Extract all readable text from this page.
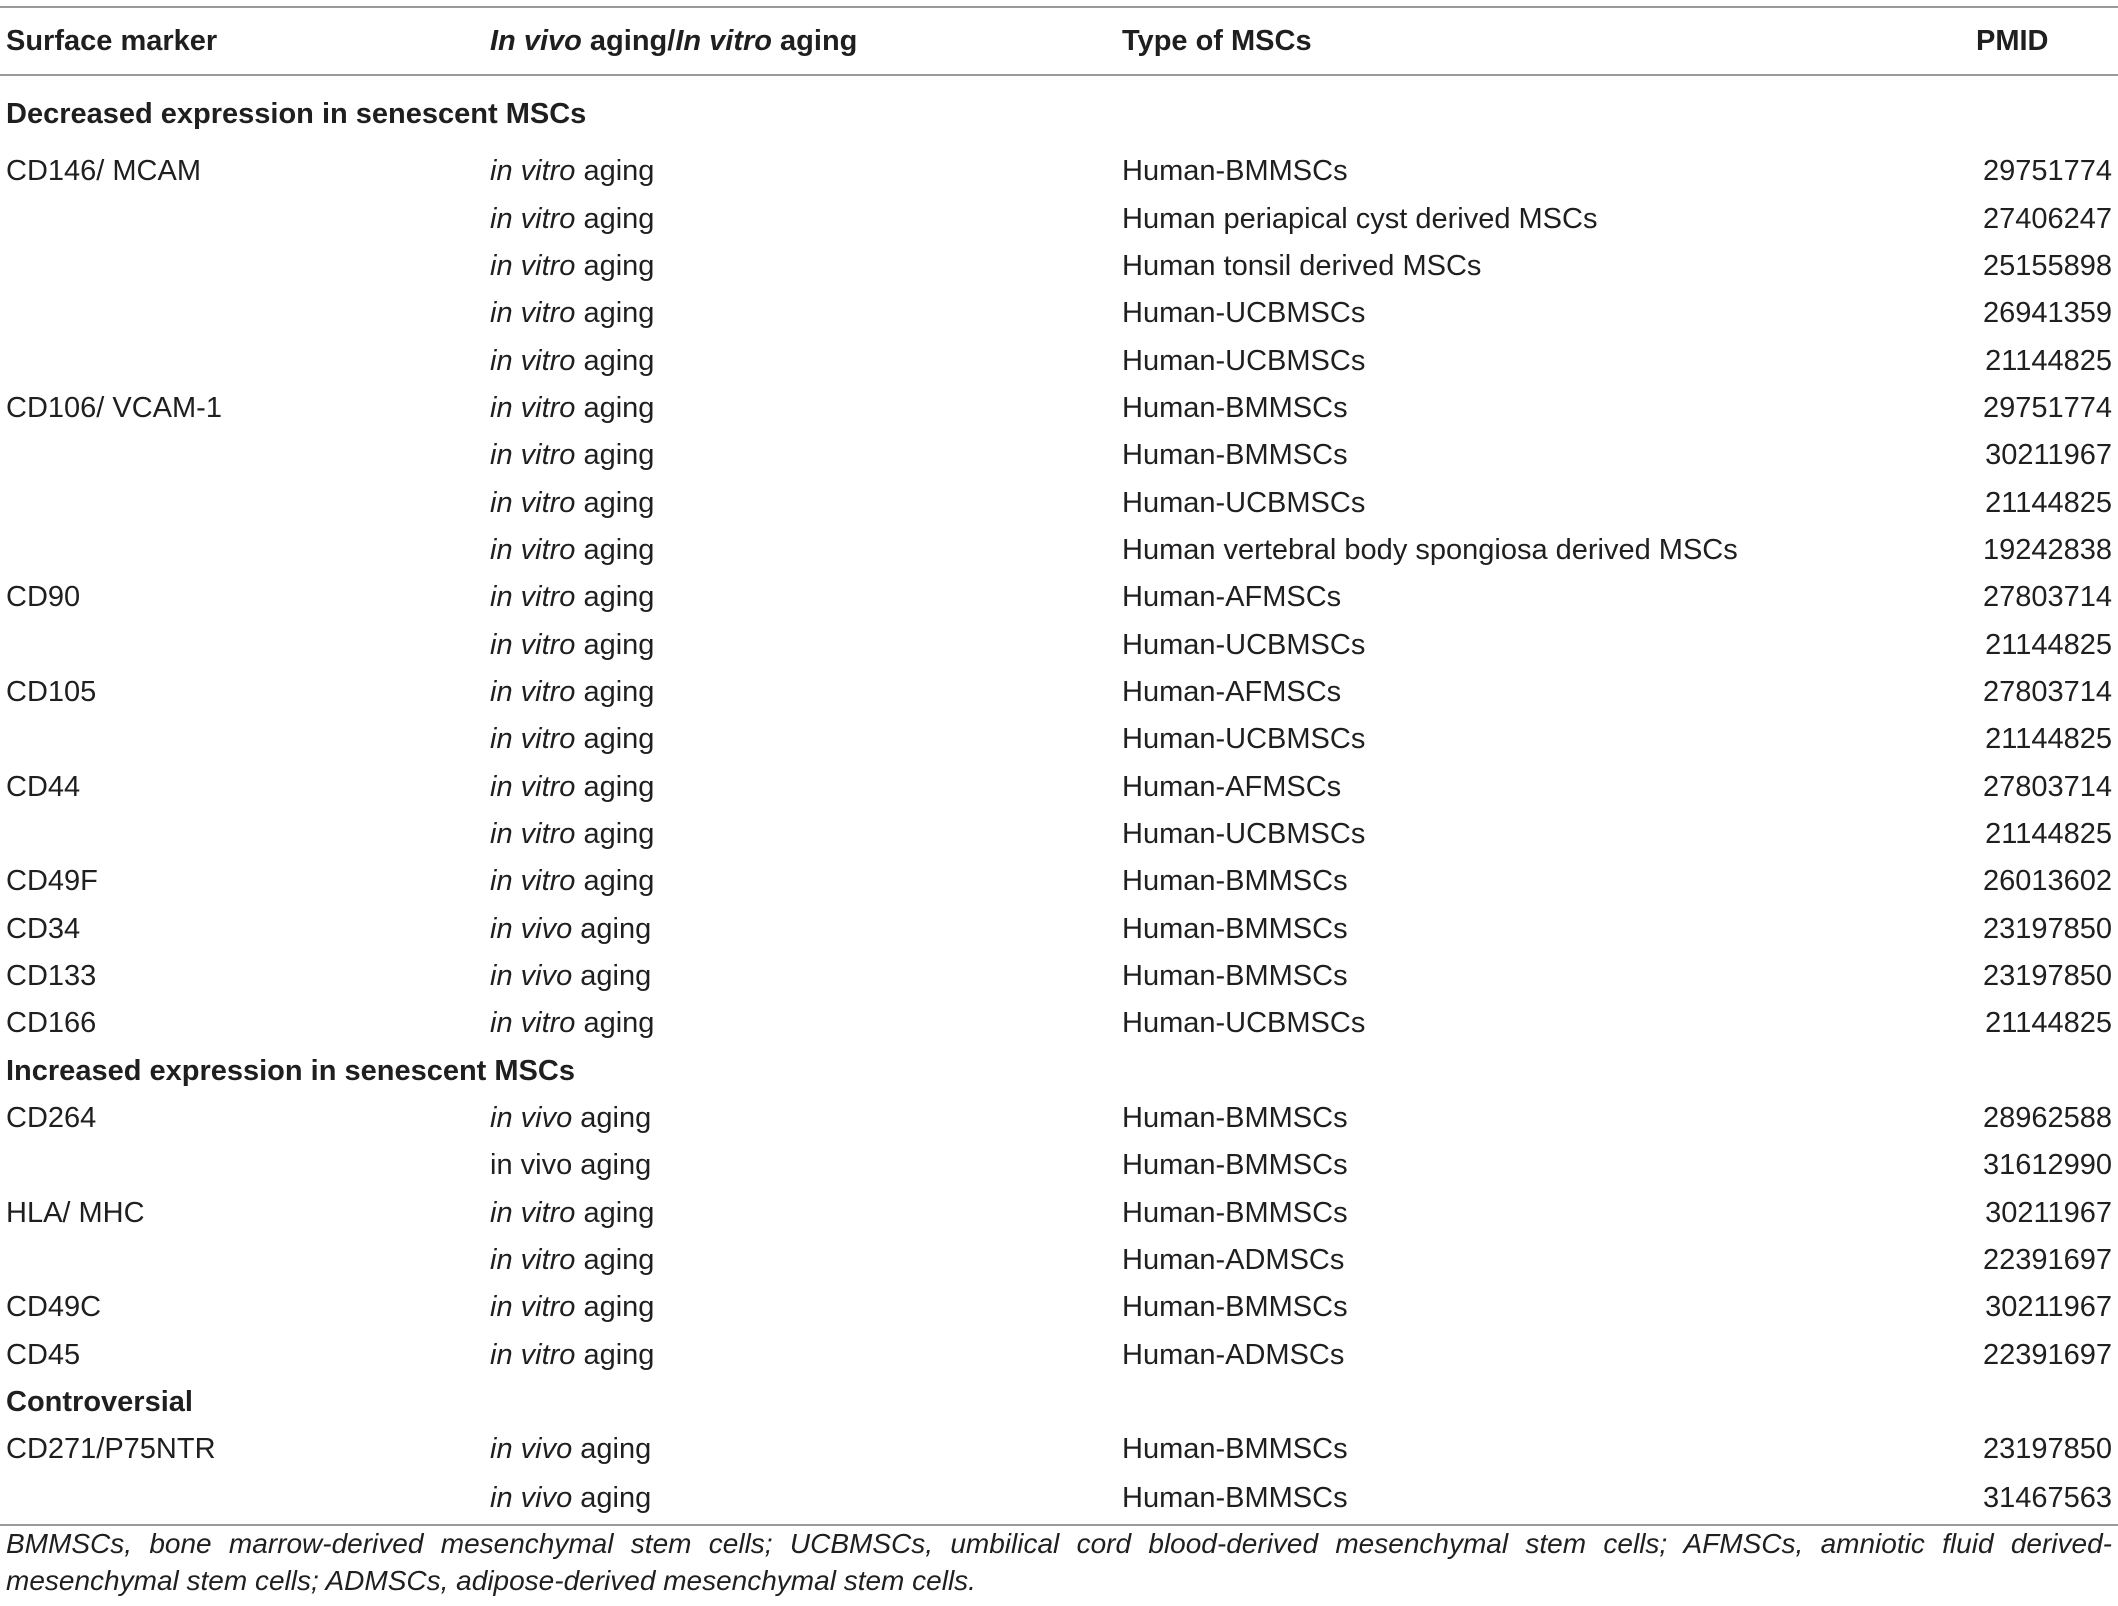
Surface marker	In vivo aging/In vitro aging	Type of MSCs	PMID
Decreased expression in senescent MSCs			
CD146/ MCAM	in vitro aging	Human-BMMSCs	29751774
	in vitro aging	Human periapical cyst derived MSCs	27406247
	in vitro aging	Human tonsil derived MSCs	25155898
	in vitro aging	Human-UCBMSCs	26941359
	in vitro aging	Human-UCBMSCs	21144825
CD106/ VCAM-1	in vitro aging	Human-BMMSCs	29751774
	in vitro aging	Human-BMMSCs	30211967
	in vitro aging	Human-UCBMSCs	21144825
	in vitro aging	Human vertebral body spongiosa derived MSCs	19242838
CD90	in vitro aging	Human-AFMSCs	27803714
	in vitro aging	Human-UCBMSCs	21144825
CD105	in vitro aging	Human-AFMSCs	27803714
	in vitro aging	Human-UCBMSCs	21144825
CD44	in vitro aging	Human-AFMSCs	27803714
	in vitro aging	Human-UCBMSCs	21144825
CD49F	in vitro aging	Human-BMMSCs	26013602
CD34	in vivo aging	Human-BMMSCs	23197850
CD133	in vivo aging	Human-BMMSCs	23197850
CD166	in vitro aging	Human-UCBMSCs	21144825
Increased expression in senescent MSCs			
CD264	in vivo aging	Human-BMMSCs	28962588
	in vivo aging	Human-BMMSCs	31612990
HLA/ MHC	in vitro aging	Human-BMMSCs	30211967
	in vitro aging	Human-ADMSCs	22391697
CD49C	in vitro aging	Human-BMMSCs	30211967
CD45	in vitro aging	Human-ADMSCs	22391697
Controversial			
CD271/P75NTR	in vivo aging	Human-BMMSCs	23197850
	in vivo aging	Human-BMMSCs	31467563
BMMSCs, bone marrow-derived mesenchymal stem cells; UCBMSCs, umbilical cord blood-derived mesenchymal stem cells; AFMSCs, amniotic fluid derived-mesenchymal stem cells; ADMSCs, adipose-derived mesenchymal stem cells.
